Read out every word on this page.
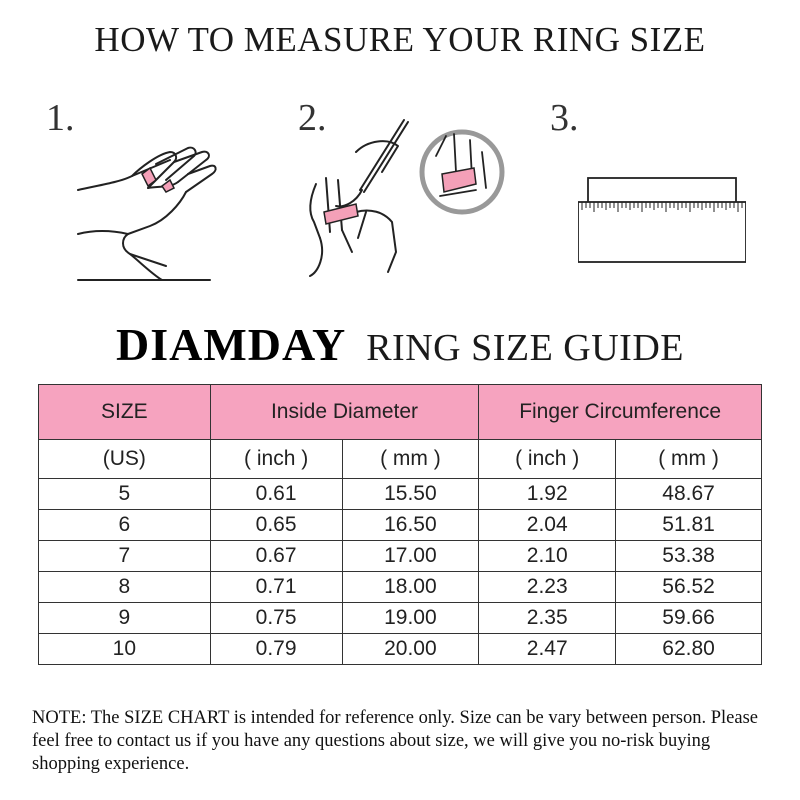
HOW TO MEASURE YOUR RING SIZE
1.	2.	3.
DIAMDAY RING SIZE GUIDE
SIZE	Inside Diameter		Finger Circumference	
(US)	( inch )	( mm )	( inch )	( mm )
5	0.61	15.50	1.92	48.67
6	0.65	16.50	2.04	51.81
7	0.67	17.00	2.10	53.38
8	0.71	18.00	2.23	56.52
9	0.75	19.00	2.35	59.66
10	0.79	20.00	2.47	62.80
NOTE: The SIZE CHART is intended for reference only. Size can be vary between person. Please feel free to contact us if you have any questions about size, we will give you no-risk buying shopping experience.
